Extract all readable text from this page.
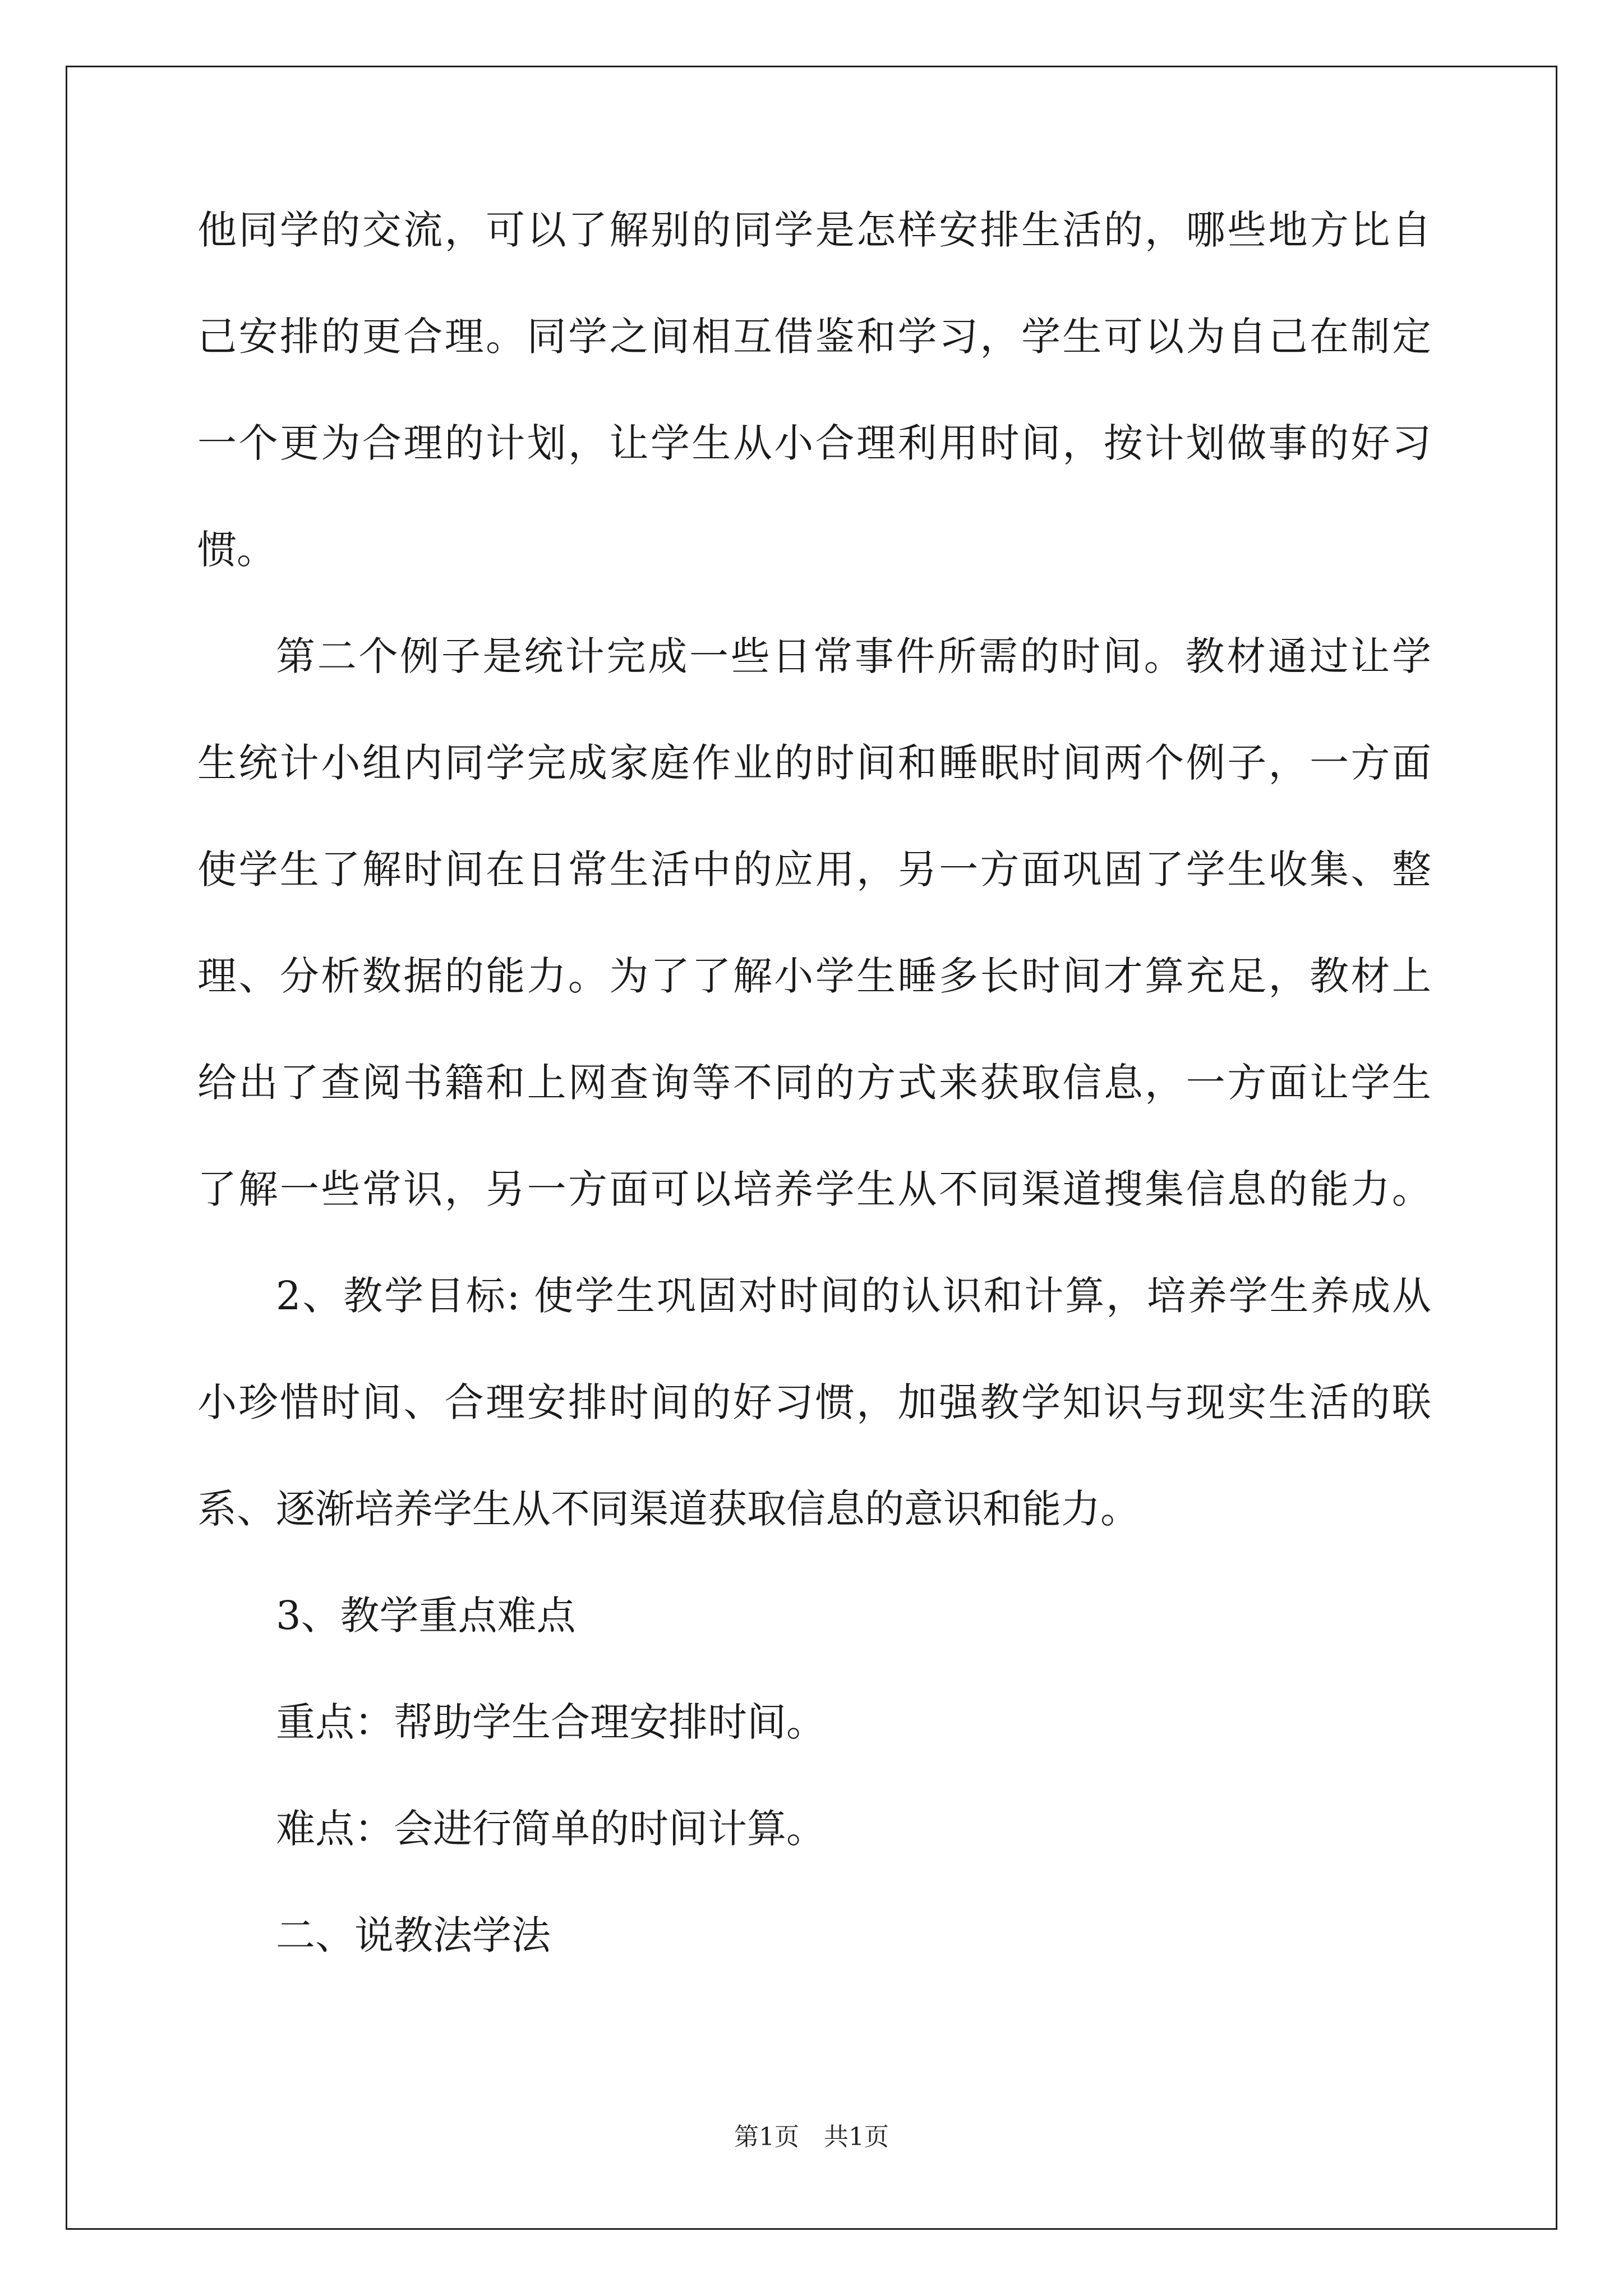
他同学的交流，可以了解别的同学是怎样安排生活的，哪些地方比自
己安排的更合理。同学之间相互借鉴和学习，学生可以为自己在制定
一个更为合理的计划，让学生从小合理利用时间，按计划做事的好习
惯。
第二个例子是统计完成一些日常事件所需的时间。教材通过让学
生统计小组内同学完成家庭作业的时间和睡眠时间两个例子，一方面
使学生了解时间在日常生活中的应用，另一方面巩固了学生收集、整
理、分析数据的能力。为了了解小学生睡多长时间才算充足，教材上
给出了查阅书籍和上网查询等不同的方式来获取信息，一方面让学生
了解一些常识，另一方面可以培养学生从不同渠道搜集信息的能力。
2、教学目标: 使学生巩固对时间的认识和计算，培养学生养成从
小珍惜时间、合理安排时间的好习惯，加强教学知识与现实生活的联
系、逐渐培养学生从不同渠道获取信息的意识和能力。
3、教学重点难点
重点：帮助学生合理安排时间。
难点：会进行简单的时间计算。
二、说教法学法
第1页　共1页
